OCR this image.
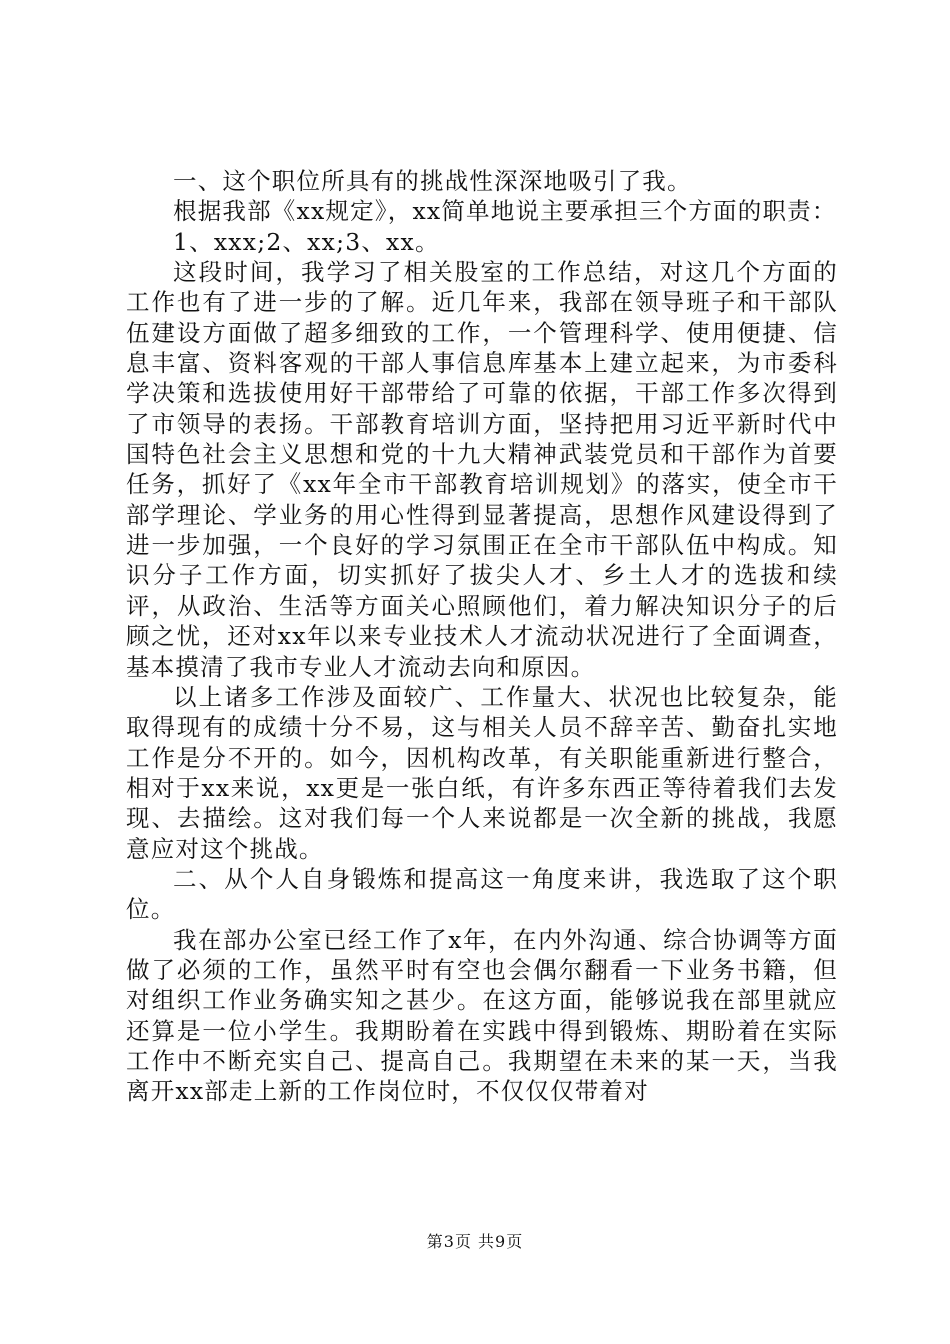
一、这个职位所具有的挑战性深深地吸引了我。

根据我部《xx规定》，xx简单地说主要承担三个方面的职责：

1、xxx;2、xx;3、xx。

这段时间，我学习了相关股室的工作总结，对这几个方面的工作也有了进一步的了解。近几年来，我部在领导班子和干部队伍建设方面做了超多细致的工作，一个管理科学、使用便捷、信息丰富、资料客观的干部人事信息库基本上建立起来，为市委科学决策和选拔使用好干部带给了可靠的依据，干部工作多次得到了市领导的表扬。干部教育培训方面，坚持把用习近平新时代中国特色社会主义思想和党的十九大精神武装党员和干部作为首要任务，抓好了《xx年全市干部教育培训规划》的落实，使全市干部学理论、学业务的用心性得到显著提高，思想作风建设得到了进一步加强，一个良好的学习氛围正在全市干部队伍中构成。知识分子工作方面，切实抓好了拔尖人才、乡土人才的选拔和续评，从政治、生活等方面关心照顾他们，着力解决知识分子的后顾之忧，还对xx年以来专业技术人才流动状况进行了全面调查，基本摸清了我市专业人才流动去向和原因。

以上诸多工作涉及面较广、工作量大、状况也比较复杂，能取得现有的成绩十分不易，这与相关人员不辞辛苦、勤奋扎实地工作是分不开的。如今，因机构改革，有关职能重新进行整合，相对于xx来说，xx更是一张白纸，有许多东西正等待着我们去发现、去描绘。这对我们每一个人来说都是一次全新的挑战，我愿意应对这个挑战。

二、从个人自身锻炼和提高这一角度来讲，我选取了这个职位。

我在部办公室已经工作了x年，在内外沟通、综合协调等方面做了必须的工作，虽然平时有空也会偶尔翻看一下业务书籍，但对组织工作业务确实知之甚少。在这方面，能够说我在部里就应还算是一位小学生。我期盼着在实践中得到锻炼、期盼着在实际工作中不断充实自己、提高自己。我期望在未来的某一天，当我离开xx部走上新的工作岗位时，不仅仅仅带着对

第3页 共9页
